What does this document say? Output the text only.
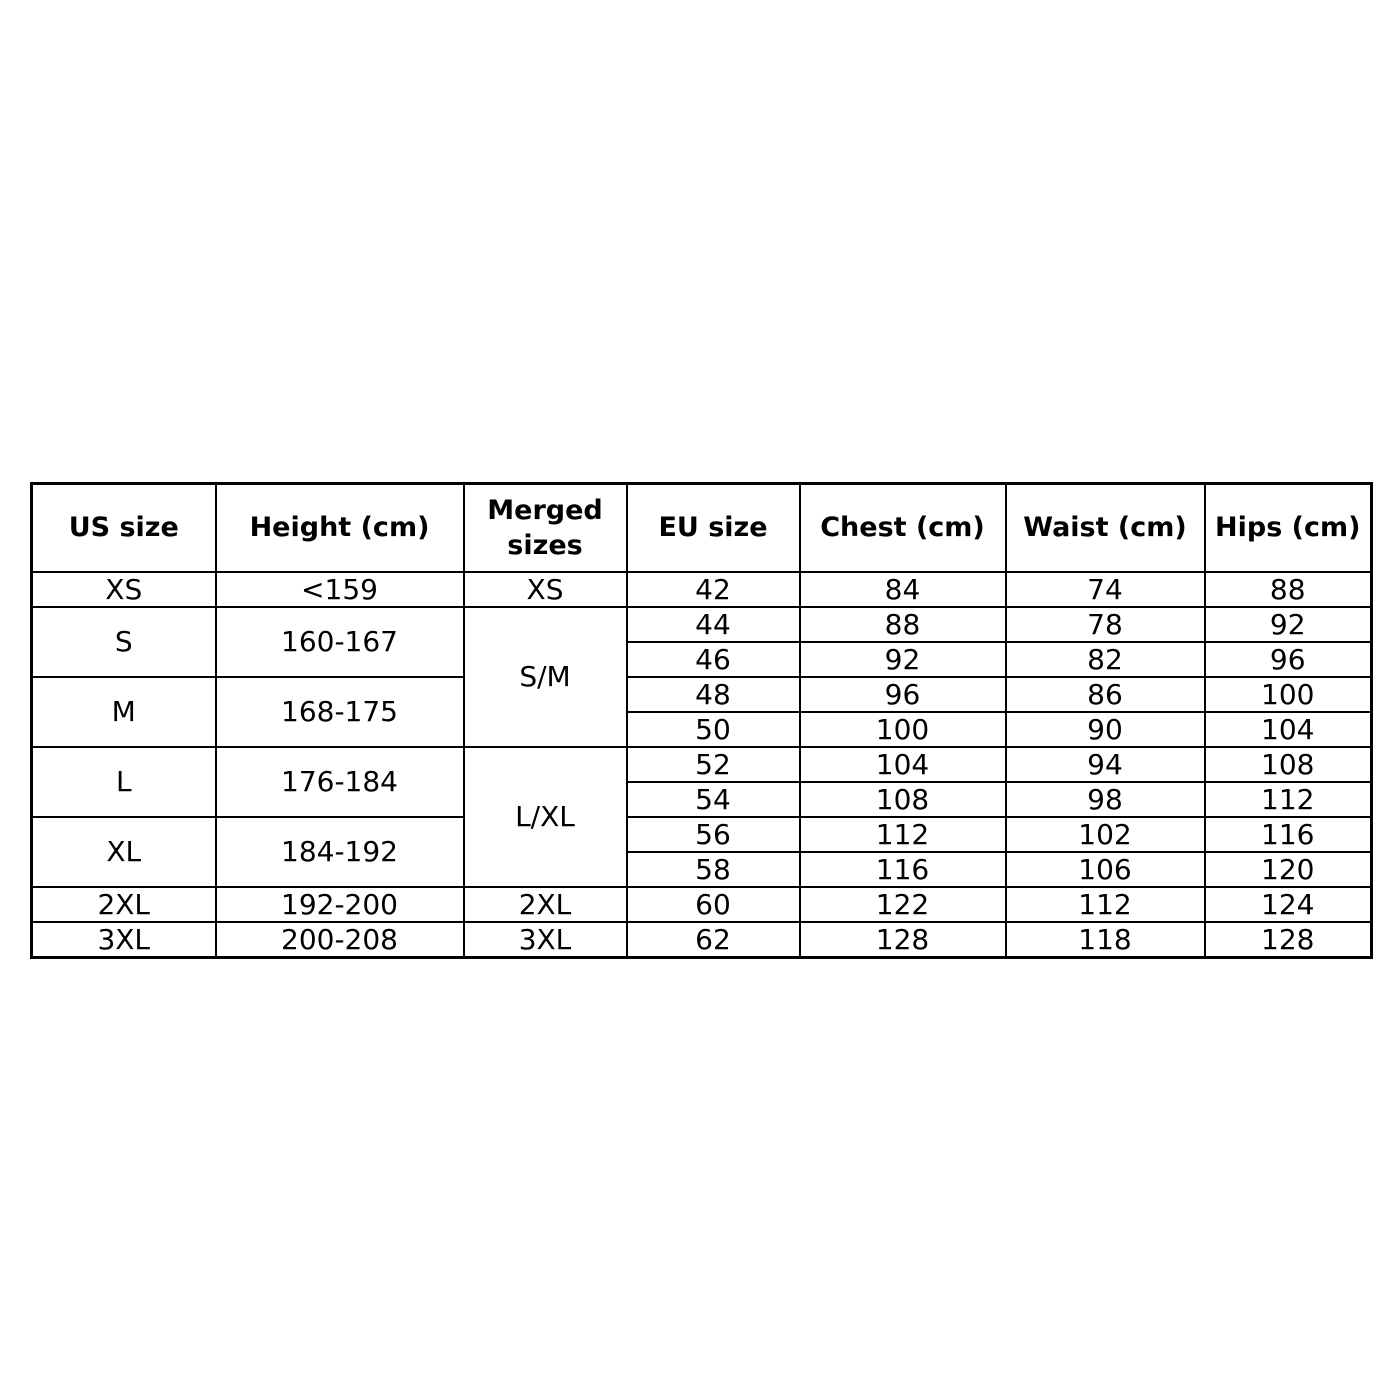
US size	Height (cm)	Merged sizes	EU size	Chest (cm)	Waist (cm)	Hips (cm)
XS	<159	XS	42	84	74	88
S	160-167	S/M	44	88	78	92
			46	92	82	96
M	168-175		48	96	86	100
			50	100	90	104
L	176-184	L/XL	52	104	94	108
			54	108	98	112
XL	184-192		56	112	102	116
			58	116	106	120
2XL	192-200	2XL	60	122	112	124
3XL	200-208	3XL	62	128	118	128
